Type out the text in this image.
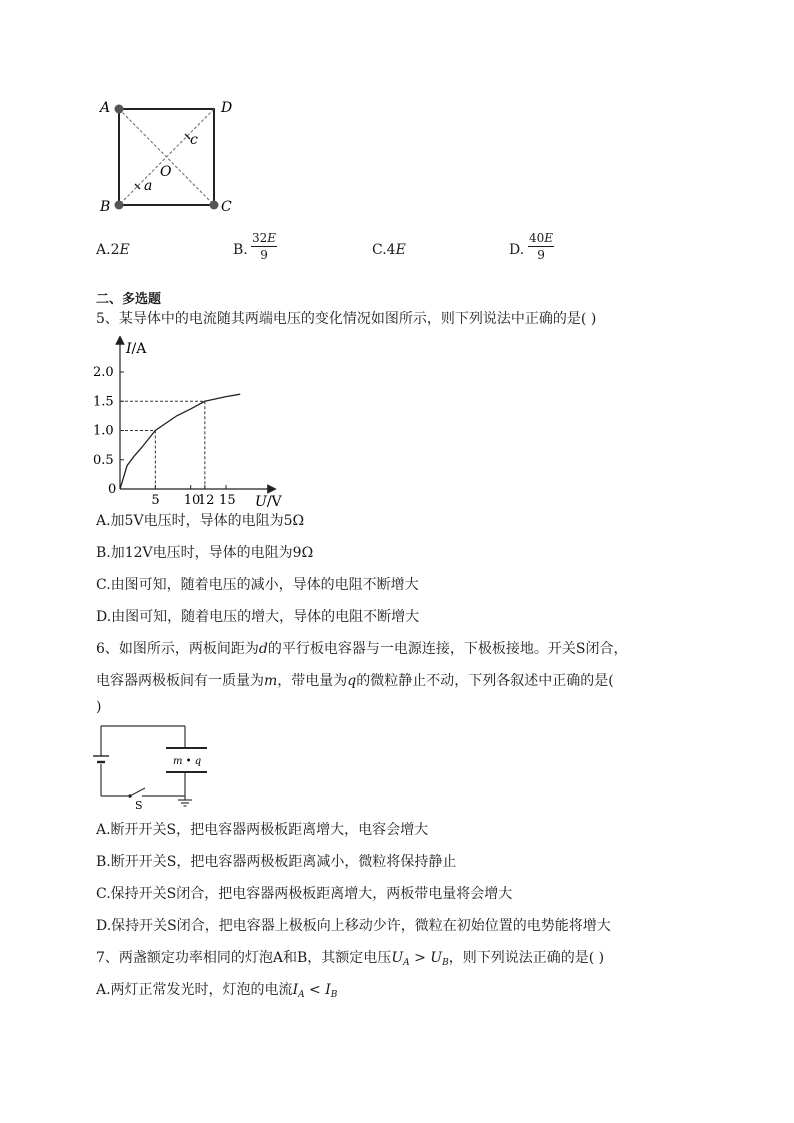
A
B	C
D
O
a
c
A.2E	B. $\frac{32E}{9}$	C.4E	D. $\frac{40E}{9}$
二、多选题
5、某导体中的电流随其两端电压的变化情况如图所示，则下列说法中正确的是( )
I/A
U/V
0
0.5
1.0
1.5
2.0
5 10
12 15
A.加5V电压时，导体的电阻为5Ω
B.加12V电压时，导体的电阻为9Ω
C.由图可知，随着电压的减小，导体的电阻不断增大
D.由图可知，随着电压的增大，导体的电阻不断增大
6、如图所示，两板间距为d的平行板电容器与一电源连接，下极板接地。开关S闭合，
电容器两极板间有一质量为m，带电量为q的微粒静止不动，下列各叙述中正确的是(
)
m • q
S
A.断开开关S，把电容器两极板距离增大，电容会增大
B.断开开关S，把电容器两极板距离减小，微粒将保持静止
C.保持开关S闭合，把电容器两极板距离增大，两板带电量将会增大
D.保持开关S闭合，把电容器上极板向上移动少许，微粒在初始位置的电势能将增大
7、两盏额定功率相同的灯泡A和B，其额定电压$U_A > U_B$，则下列说法正确的是( )
A.两灯正常发光时，灯泡的电流$I_A < I_B$
